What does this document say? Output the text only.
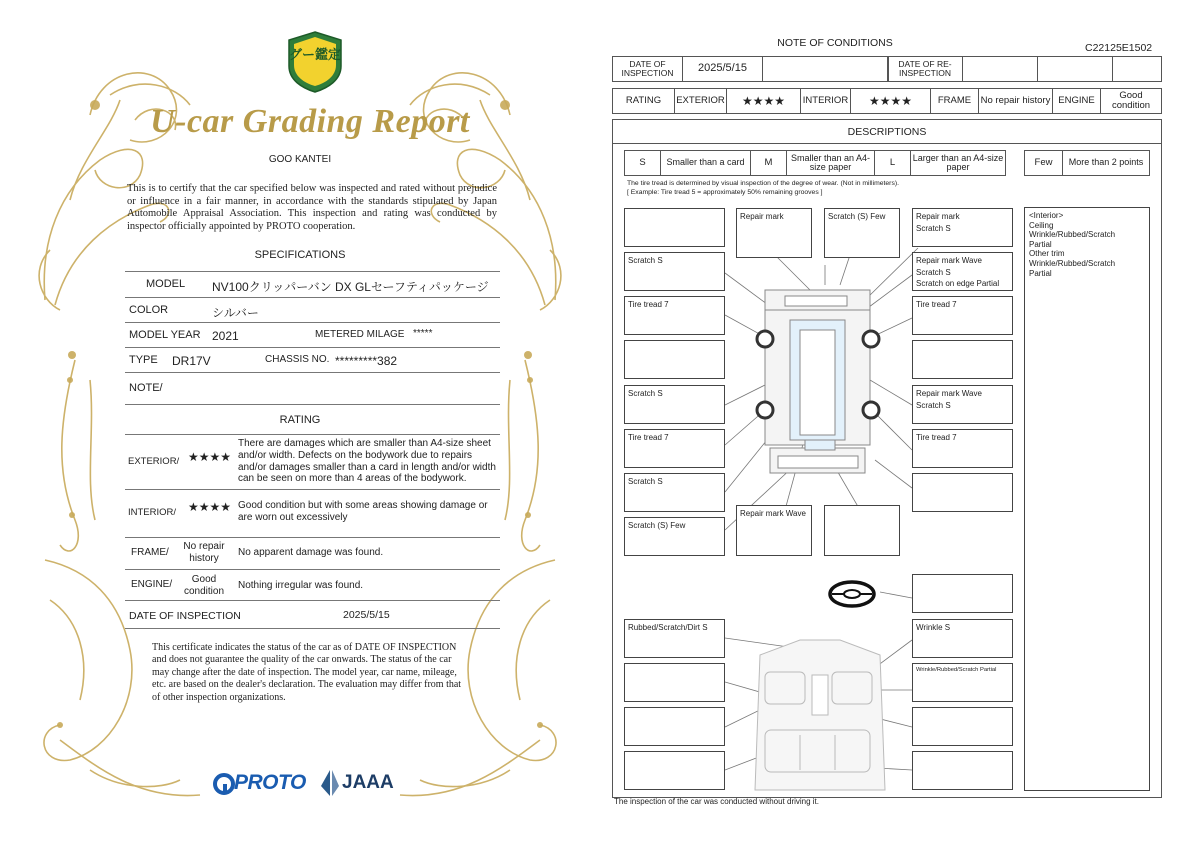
グー鑑定
U-car Grading Report
GOO KANTEI
This is to certify that the car specified below was inspected and rated without prejudice or influence in a fair manner, in accordance with the standards stipulated by Japan Automobile Appraisal Association. This inspection and rating was conducted by inspector officially appointed by PROTO cooperation.
SPECIFICATIONS
MODEL NV100クリッパーバン DX GLセーフティパッケージ
COLOR	シルバー
MODEL YEAR 2021	METERED MILAGE *****
TYPE DR17V	CHASSIS NO. *********382
NOTE/
RATING
EXTERIOR/ ★★★★
There are damages which are smaller than A4-size sheet and/or width. Defects on the bodywork due to repairs and/or damages smaller than a card in length and/or width can be seen on more than 4 areas of the bodywork.
INTERIOR/ ★★★★ Good condition but with some areas showing damage or are worn out excessively
FRAME/
No repair history
No apparent damage was found.
ENGINE/	Good condition
Nothing irregular was found.
DATE OF INSPECTION	2025/5/15
This certificate indicates the status of the car as of DATE OF INSPECTION and does not guarantee the quality of the car onwards. The status of the car may change after the date of inspection. The model year, car name, mileage, etc. are based on the dealer's declaration. The evaluation may differ from that of other inspection organizations.
PROTO JAAA
NOTE OF CONDITIONS	C22125E1502
DATE OF INSPECTION	2025/5/15	DATE OF RE-INSPECTION
RATING	EXTERIOR	★★★★	INTERIOR	★★★★	FRAME	No repair history ENGINE	Good condition
DESCRIPTIONS
S	Smaller than a card	M	Smaller than an A4-size paper	L	Larger than an A4-size paper	Few	More than 2 points
The tire tread is determined by visual inspection of the degree of wear. (Not in millimeters).
[ Example: Tire tread 5 = approximately 50% remaining grooves ]
Repair mark	Scratch (S) Few	Repair mark
Scratch S
Scratch S
Tire tread 7
Scratch S
Tire tread 7
Scratch S
Scratch (S) Few
Repair mark Wave
Scratch S
Scratch on edge Partial
Tire tread 7
Repair mark Wave
Scratch S
Tire tread 7
Repair mark Wave
Rubbed/Scratch/Dirt S	Wrinkle S
Wrinkle/Rubbed/Scratch Partial
<Interior>
Ceiling
Wrinkle/Rubbed/Scratch
Partial
Other trim
Wrinkle/Rubbed/Scratch
Partial
The inspection of the car was conducted without driving it.
